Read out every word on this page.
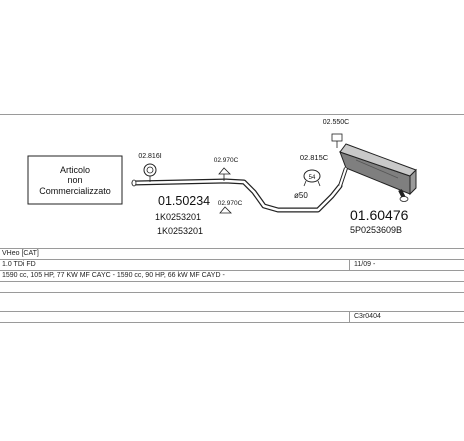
Articolo
non
Commercializzato
02.816I
02.970C
02.970C
01.50234
1K0253201
1K0253201
ø50
54
02.815C
02.550C
01.60476
5P0253609B
VHeo [CAT]
1.0 TDi FD	11/09 -
1590 cc, 105 HP, 77 KW MF CAYC - 1590 cc, 90 HP, 66 kW MF CAYD -
C3r0404
